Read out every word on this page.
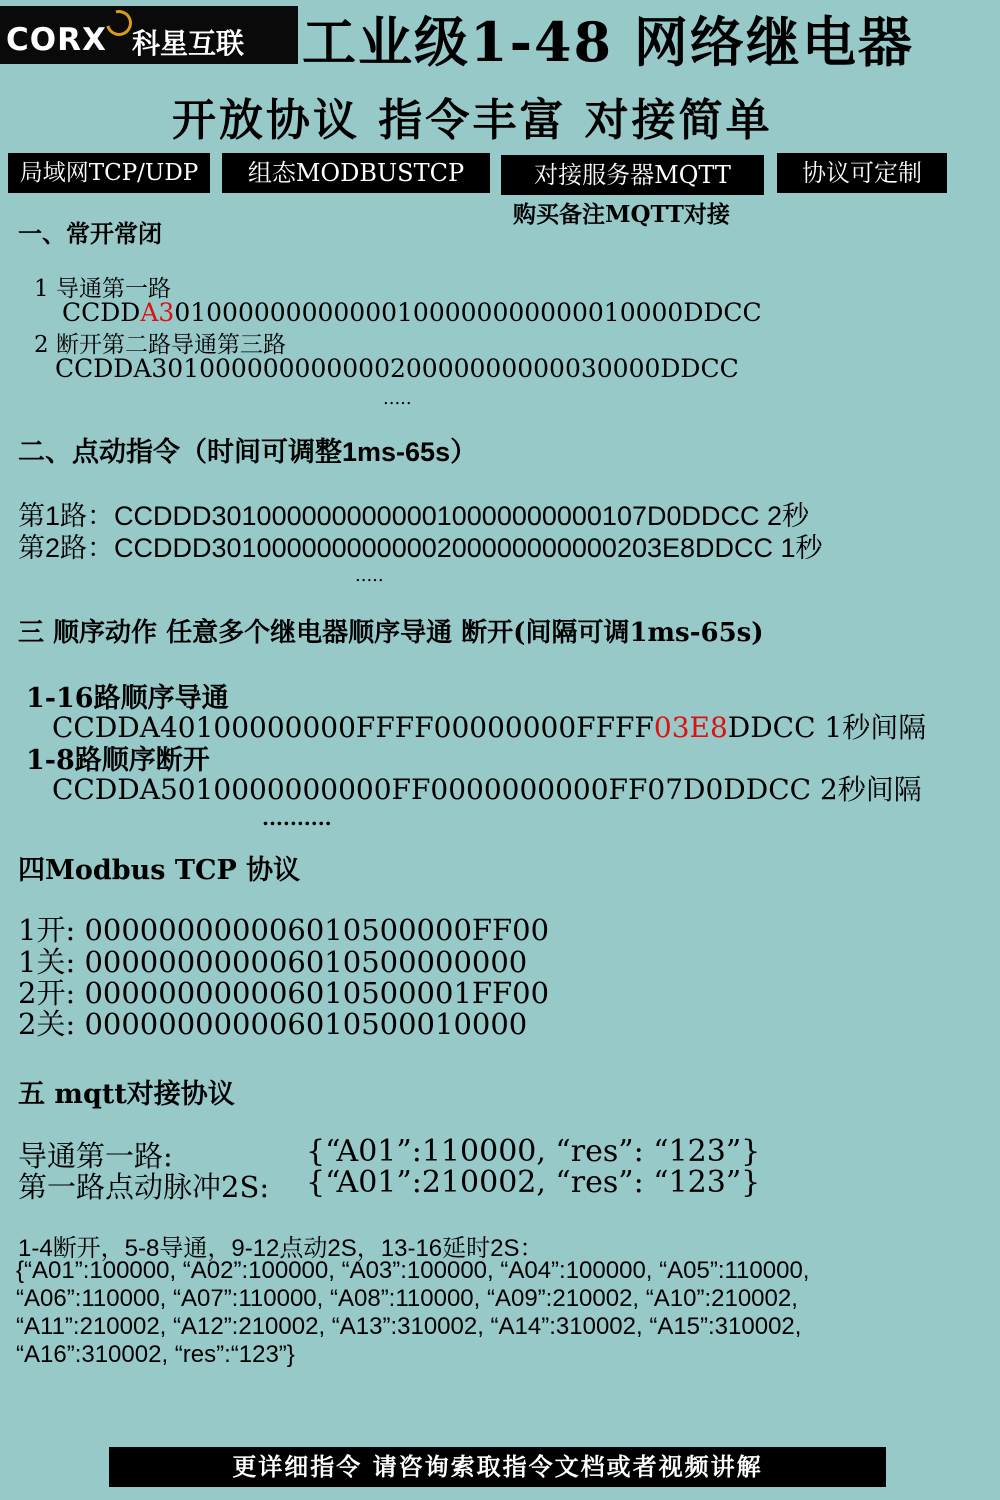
CORX 科星互联 工业级1-48 网络继电器
开放协议 指令丰富 对接简单
局域网TCP/UDP	组态MODBUSTCP	对接服务器MQTT	协议可定制
购买备注MQTT对接
一、常开常闭
1 导通第一路
CCDDA301000000000000100000000000010000DDCC
2 断开第二路导通第三路
CCDDA30100000000000020000000000030000DDCC
.....
二、点动指令（时间可调整1ms-65s）
第1路：CCDDD30100000000000010000000000107D0DDCC 2秒
第2路：CCDDD301000000000000200000000000203E8DDCC 1秒
.....
三 顺序动作 任意多个继电器顺序导通 断开(间隔可调1ms-65s)
1-16路顺序导通
CCDDA40100000000FFFF00000000FFFF03E8DDCC 1秒间隔
1-8路顺序断开
CCDDA5010000000000FF0000000000FF07D0DDCC 2秒间隔
..........
四Modbus TCP 协议
1开: 000000000006010500000FF00
1关: 000000000006010500000000
2开: 000000000006010500001FF00
2关: 000000000006010500010000
五 mqtt对接协议
导通第一路:	{“A01”:110000, “res”: “123”}
第一路点动脉冲2S: {“A01”:210002, “res”: “123”}
1-4断开，5-8导通，9-12点动2S，13-16延时2S：
{“A01”:100000, “A02”:100000, “A03”:100000, “A04”:100000, “A05”:110000,
“A06”:110000, “A07”:110000, “A08”:110000, “A09”:210002, “A10”:210002,
“A11”:210002, “A12”:210002, “A13”:310002, “A14”:310002, “A15”:310002,
“A16”:310002, “res”:“123”}
更详细指令 请咨询索取指令文档或者视频讲解
